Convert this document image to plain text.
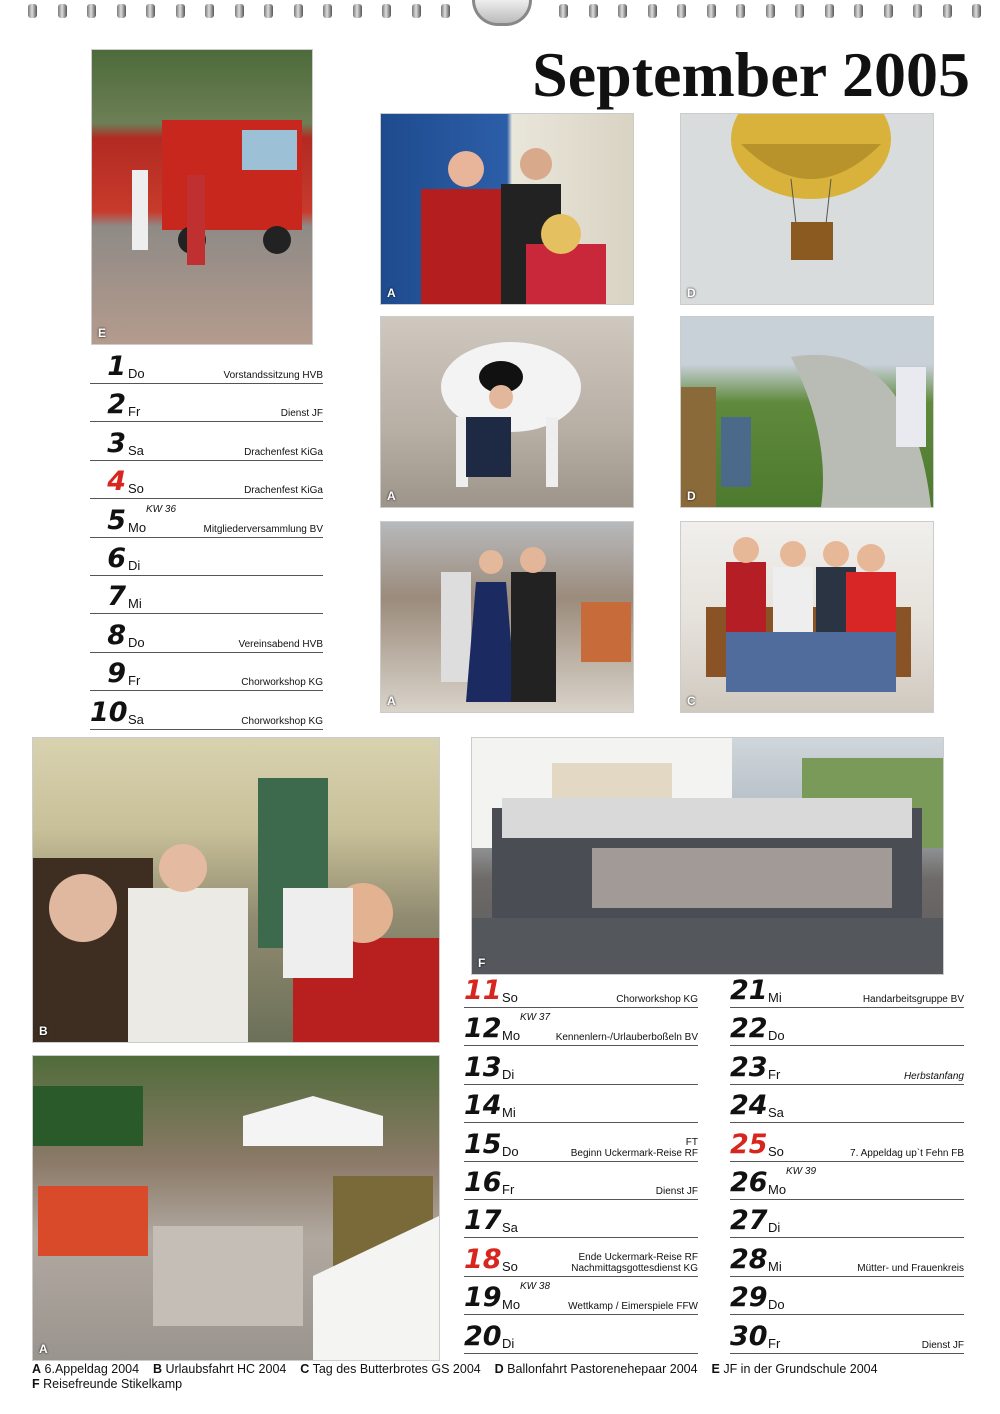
September 2005
E
A	D
A	D
A	C
B
F
A
1 Do	Vorstandssitzung HVB
2 Fr	Dienst JF
3 Sa	Drachenfest KiGa
4 So	Drachenfest KiGa
5 Mo
KW 36
Mitgliederversammlung BV
6 Di
7 Mi
8 Do	Vereinsabend HVB
9 Fr	Chorworkshop KG
10 Sa	Chorworkshop KG
11 So	Chorworkshop KG
12 Mo
KW 37
Kennenlern-/Urlauberboßeln BV
13 Di
14 Mi
15 Do
FT
Beginn Uckermark-Reise RF
16 Fr	Dienst JF
17 Sa
18 So
Ende Uckermark-Reise RF
Nachmittagsgottesdienst KG
19 Mo
KW 38
Wettkamp / Eimerspiele FFW
20 Di
21 Mi	Handarbeitsgruppe BV
22 Do
23 Fr	Herbstanfang
24 Sa
25 So	7. Appeldag up`t Fehn FB
26 Mo
KW 39
27 Di
28 Mi	Mütter- und Frauenkreis
29 Do
30 Fr	Dienst JF
A 6.Appeldag 2004 B Urlaubsfahrt HC 2004 C Tag des Butterbrotes GS 2004 D Ballonfahrt Pastorenehepaar 2004 E JF in der Grundschule 2004
F Reisefreunde Stikelkamp
